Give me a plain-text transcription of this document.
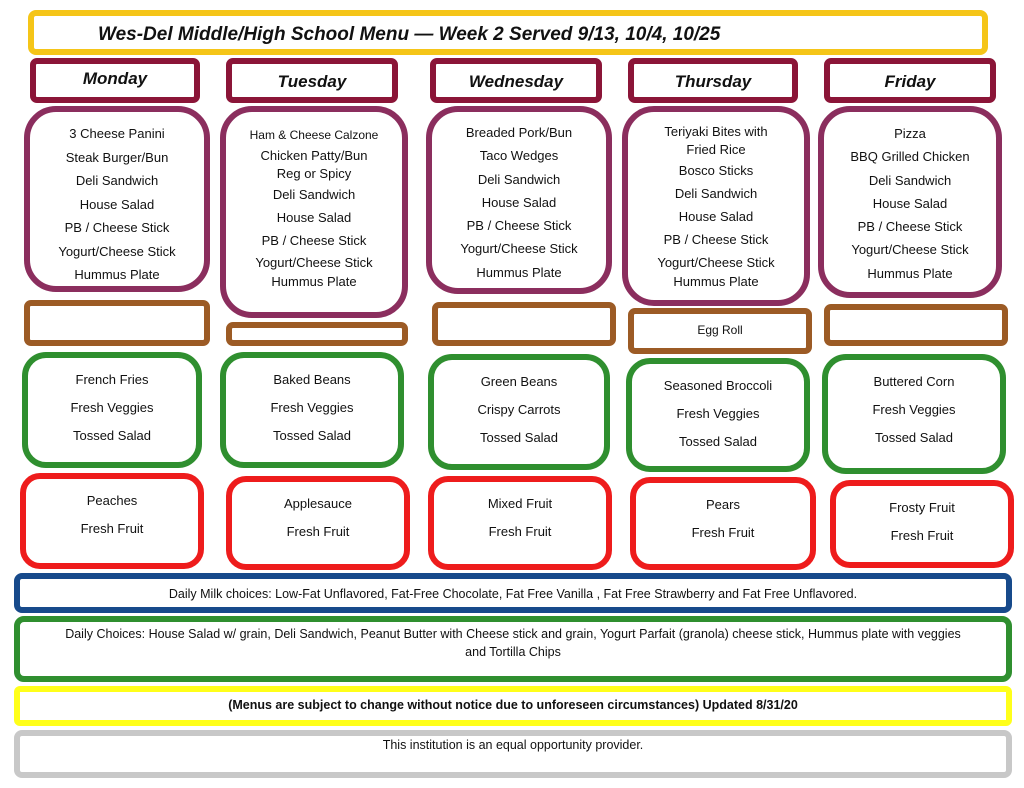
Wes-Del Middle/High School Menu — Week 2 Served 9/13, 10/4, 10/25
Monday
3 Cheese Panini
Steak Burger/Bun
Deli Sandwich
House Salad
PB / Cheese Stick
Yogurt/Cheese Stick
Hummus Plate
French Fries
Fresh Veggies
Tossed Salad
Peaches
Fresh Fruit
Tuesday
Ham & Cheese Calzone
Chicken Patty/Bun
Reg or Spicy
Deli Sandwich
House Salad
PB / Cheese Stick
Yogurt/Cheese Stick
Hummus Plate
Baked Beans
Fresh Veggies
Tossed Salad
Applesauce
Fresh Fruit
Wednesday
Breaded Pork/Bun
Taco Wedges
Deli Sandwich
House Salad
PB / Cheese Stick
Yogurt/Cheese Stick
Hummus Plate
Green Beans
Crispy Carrots
Tossed Salad
Mixed Fruit
Fresh Fruit
Thursday
Teriyaki Bites with
Fried Rice
Bosco Sticks
Deli Sandwich
House Salad
PB / Cheese Stick
Yogurt/Cheese Stick
Hummus Plate
Egg Roll
Seasoned Broccoli
Fresh Veggies
Tossed Salad
Pears
Fresh Fruit
Friday
Pizza
BBQ Grilled Chicken
Deli Sandwich
House Salad
PB / Cheese Stick
Yogurt/Cheese Stick
Hummus Plate
Buttered Corn
Fresh Veggies
Tossed Salad
Frosty Fruit
Fresh Fruit
Daily Milk choices: Low-Fat Unflavored, Fat-Free Chocolate, Fat Free Vanilla , Fat Free Strawberry and Fat Free Unflavored.
Daily Choices: House Salad w/ grain, Deli Sandwich, Peanut Butter with Cheese stick and grain, Yogurt Parfait (granola) cheese stick, Hummus plate with veggies and Tortilla Chips
(Menus are subject to change without notice due to unforeseen circumstances) Updated 8/31/20
This institution is an equal opportunity provider.
